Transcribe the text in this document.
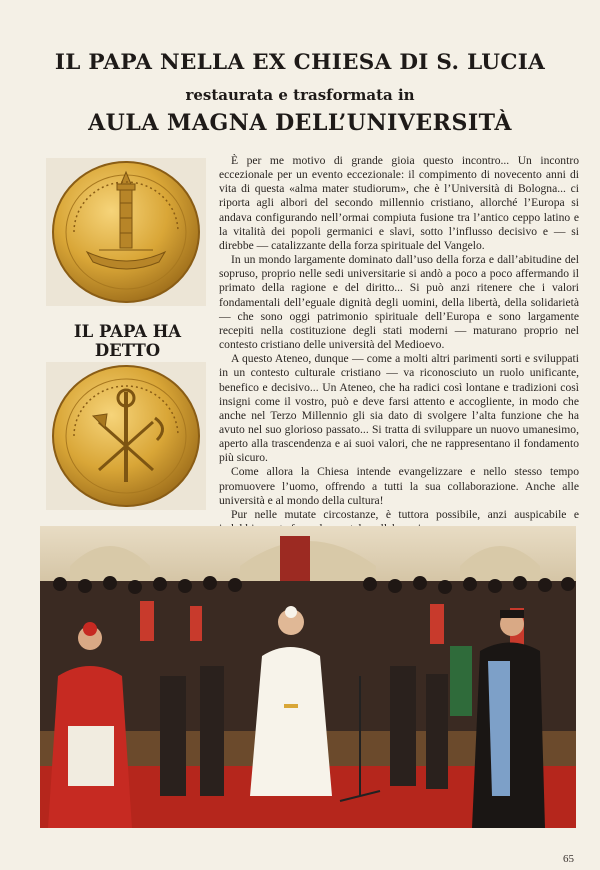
IL PAPA NELLA EX CHIESA DI S. LUCIA
restaurata e trasformata in
AULA MAGNA DELL’UNIVERSITÀ
IL PAPA HA DETTO

È per me motivo di grande gioia questo incontro... Un incontro eccezionale per un evento eccezionale: il compimento di novecento anni di vita di questa «alma mater studiorum», che è l’Università di Bologna... ci riporta agli albori del secondo millennio cristiano, allorché l’Europa si andava configurando nell’ormai compiuta fusione tra l’antico ceppo latino e la vitalità dei popoli germanici e slavi, sotto l’influsso decisivo e — si direbbe — catalizzante della forza spirituale del Vangelo.

In un mondo largamente dominato dall’uso della forza e dall’abitudine del sopruso, proprio nelle sedi universitarie si andò a poco a poco affermando il primato della ragione e del diritto... Si può anzi ritenere che i valori fondamentali dell’eguale dignità degli uomini, della libertà, della solidarietà — che sono oggi patrimonio spirituale dell’Europa e sono largamente recepiti nella costituzione degli stati moderni — maturano proprio nel contesto cristiano delle università del Medioevo.

A questo Ateneo, dunque — come a molti altri parimenti sorti e sviluppati in un contesto culturale cristiano — va riconosciuto un ruolo unificante, benefico e decisivo... Un Ateneo, che ha radici così lontane e tradizioni così insigni come il vostro, può e deve farsi attento e accogliente, in modo che anche nel Terzo Millennio gli sia dato di svolgere l’alta funzione che ha avuto nel suo glorioso passato... Si tratta di sviluppare un nuovo umanesimo, aperto alla trascendenza e ai suoi valori, che ne rappresentano il fondamento più sicuro.

Come allora la Chiesa intende evangelizzare e nello stesso tempo promuovere l’uomo, offrendo a tutti la sua collaborazione. Anche alle università e al mondo della cultura!

Pur nelle mutate circostanze, è tuttora possibile, anzi auspicabile e

65
